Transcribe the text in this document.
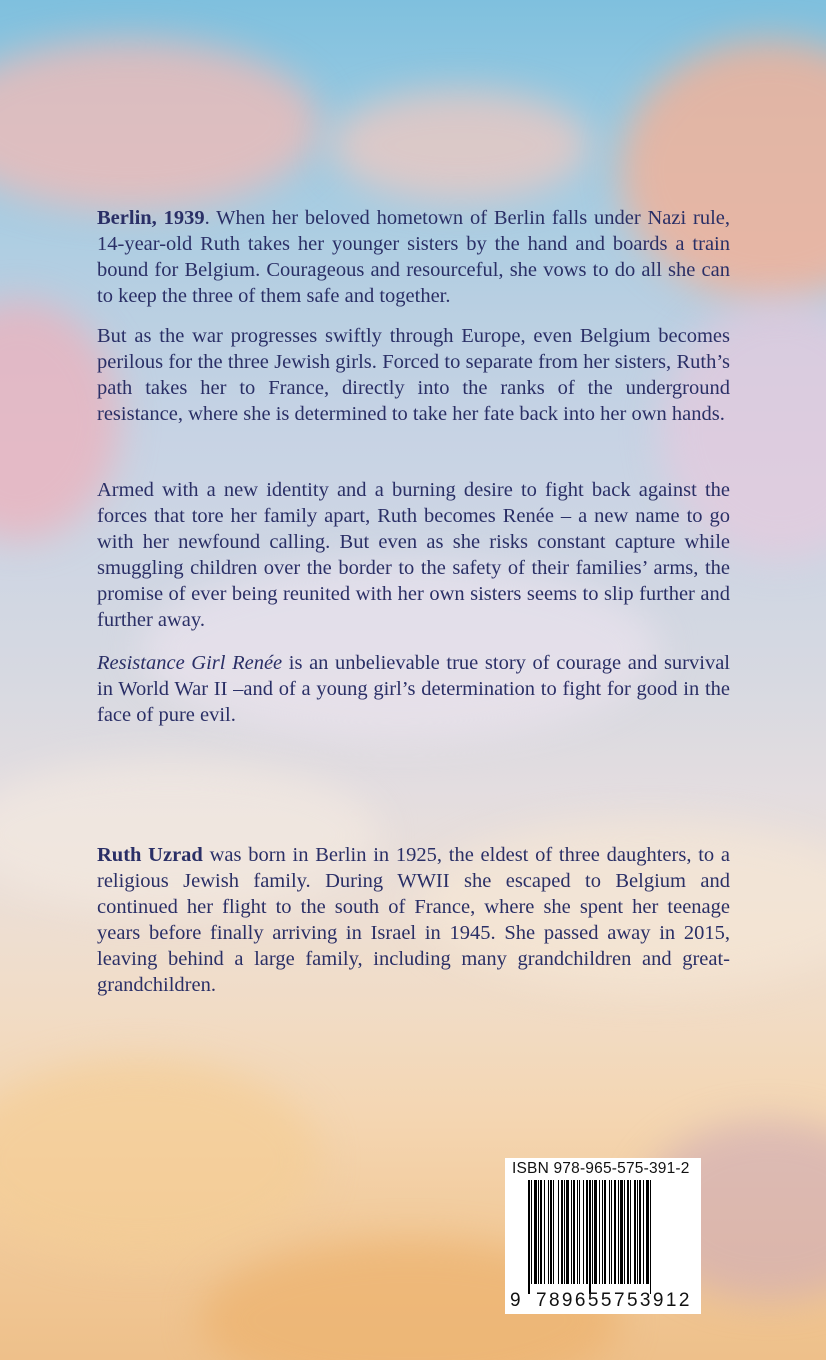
Berlin, 1939. When her beloved hometown of Berlin falls under Nazi rule, 14-year-old Ruth takes her younger sisters by the hand and boards a train bound for Belgium. Courageous and resourceful, she vows to do all she can to keep the three of them safe and together.

But as the war progresses swiftly through Europe, even Belgium becomes perilous for the three Jewish girls. Forced to separate from her sisters, Ruth’s path takes her to France, directly into the ranks of the underground resistance, where she is determined to take her fate back into her own hands.

Armed with a new identity and a burning desire to fight back against the forces that tore her family apart, Ruth becomes Renée – a new name to go with her newfound calling. But even as she risks constant capture while smuggling children over the border to the safety of their families’ arms, the promise of ever being reunited with her own sisters seems to slip further and further away.

Resistance Girl Renée is an unbelievable true story of courage and survival in World War II –and of a young girl’s determination to fight for good in the face of pure evil.

Ruth Uzrad was born in Berlin in 1925, the eldest of three daughters, to a religious Jewish family. During WWII she escaped to Belgium and continued her flight to the south of France, where she spent her teenage years before finally arriving in Israel in 1945. She passed away in 2015, leaving behind a large family, including many grandchildren and great-grandchildren.

ISBN 978-965-575-391-2
9 789655 753912
